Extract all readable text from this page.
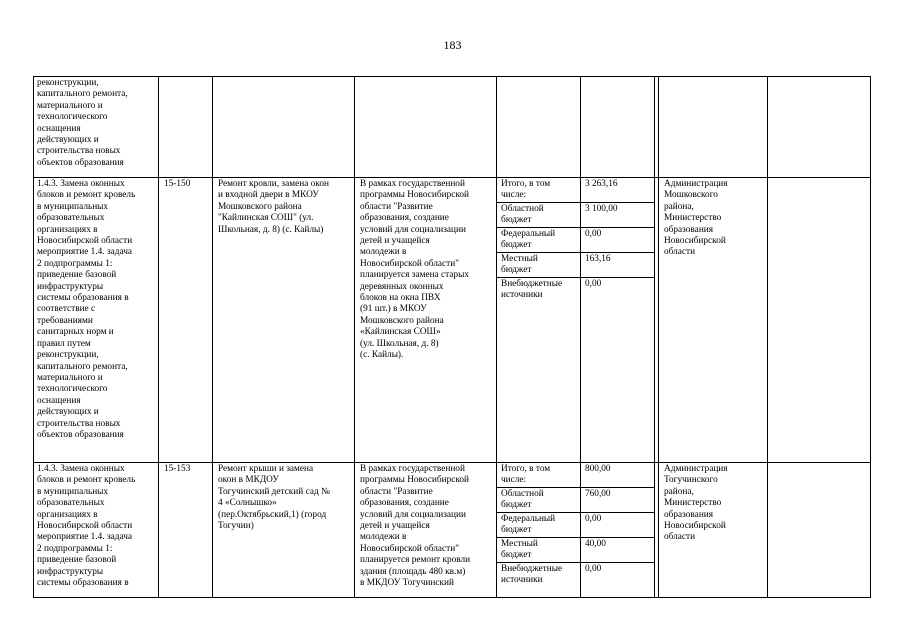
183
реконструкции,
капитального ремонта,
материального и
технологического
оснащения
действующих и
строительства новых
объектов образования
1.4.3. Замена оконных
блоков и ремонт кровель
в муниципальных
образовательных
организациях в
Новосибирской области
мероприятие 1.4. задача
2 подпрограммы 1:
приведение базовой
инфраструктуры
системы образования в
соответствие с
требованиями
санитарных норм и
правил путем
реконструкции,
капитального ремонта,
материального и
технологического
оснащения
действующих и
строительства новых
объектов образования
15-150	Ремонт кровли, замена окон
и входной двери в МКОУ
Мошковского района
"Кайлинская СОШ" (ул.
Школьная, д. 8) (с. Кайлы)
В рамках государственной
программы Новосибирской
области "Развитие
образования, создание
условий для социализации
детей и учащейся
молодежи в
Новосибирской области"
планируется замена старых
деревянных оконных
блоков на окна ПВХ
(91 шт.) в МКОУ
Мошковского района
«Кайлинская СОШ»
(ул. Школьная, д. 8)
(с. Кайлы).
Итого, в том
числе:
3 263,16
Областной
бюджет
3 100,00
Федеральный
бюджет
0,00
Местный
бюджет
163,16
Внебюджетные
источники
0,00
Администрация
Мошковского
района,
Министерство
образования
Новосибирской
области
1.4.3. Замена оконных
блоков и ремонт кровель
в муниципальных
образовательных
организациях в
Новосибирской области
мероприятие 1.4. задача
2 подпрограммы 1:
приведение базовой
инфраструктуры
системы образования в
15-153	Ремонт крыши и замена
окон в МКДОУ
Тогучинский детский сад №
4 «Солнышко»
(пер.Октябрьский,1) (город
Тогучин)
В рамках государственной
программы Новосибирской
области "Развитие
образования, создание
условий для социализации
детей и учащейся
молодежи в
Новосибирской области"
планируется ремонт кровли
здания (площадь 480 кв.м)
в МКДОУ Тогучинский
Итого, в том
числе:
800,00
Областной
бюджет
760,00
Федеральный
бюджет
0,00
Местный
бюджет
40,00
Внебюджетные
источники
0,00
Администрация
Тогучинского
района,
Министерство
образования
Новосибирской
области
